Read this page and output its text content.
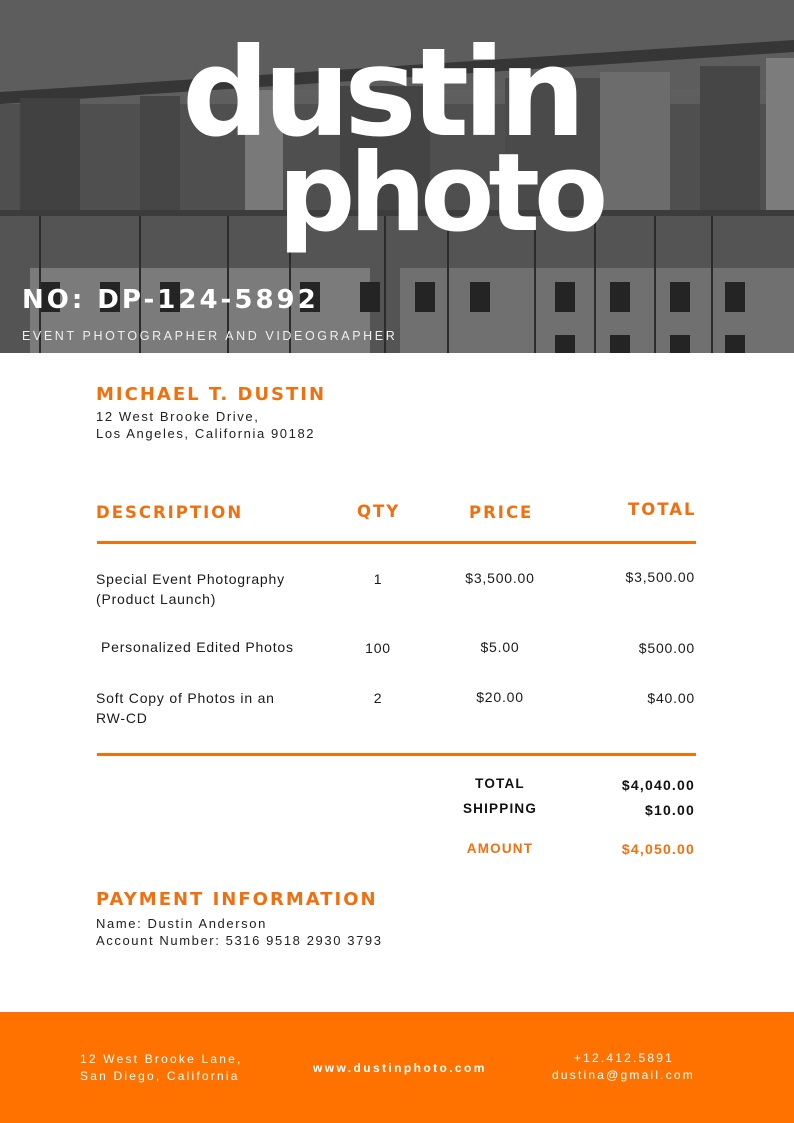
dustin
photo
NO: DP-124-5892
EVENT PHOTOGRAPHER AND VIDEOGRAPHER
MICHAEL T. DUSTIN
12 West Brooke Drive,
Los Angeles, California 90182
DESCRIPTION	QTY	PRICE	TOTAL
Special Event Photography
(Product Launch)
1	$3,500.00	$3,500.00
Personalized Edited Photos	100	$5.00	$500.00
Soft Copy of Photos in an
RW-CD
2	$20.00	$40.00
TOTAL	$4,040.00
SHIPPING	$10.00
AMOUNT	$4,050.00
PAYMENT INFORMATION
Name: Dustin Anderson
Account Number: 5316 9518 2930 3793
12 West Brooke Lane,
San Diego, California
www.dustinphoto.com
+12.412.5891
dustina@gmail.com
